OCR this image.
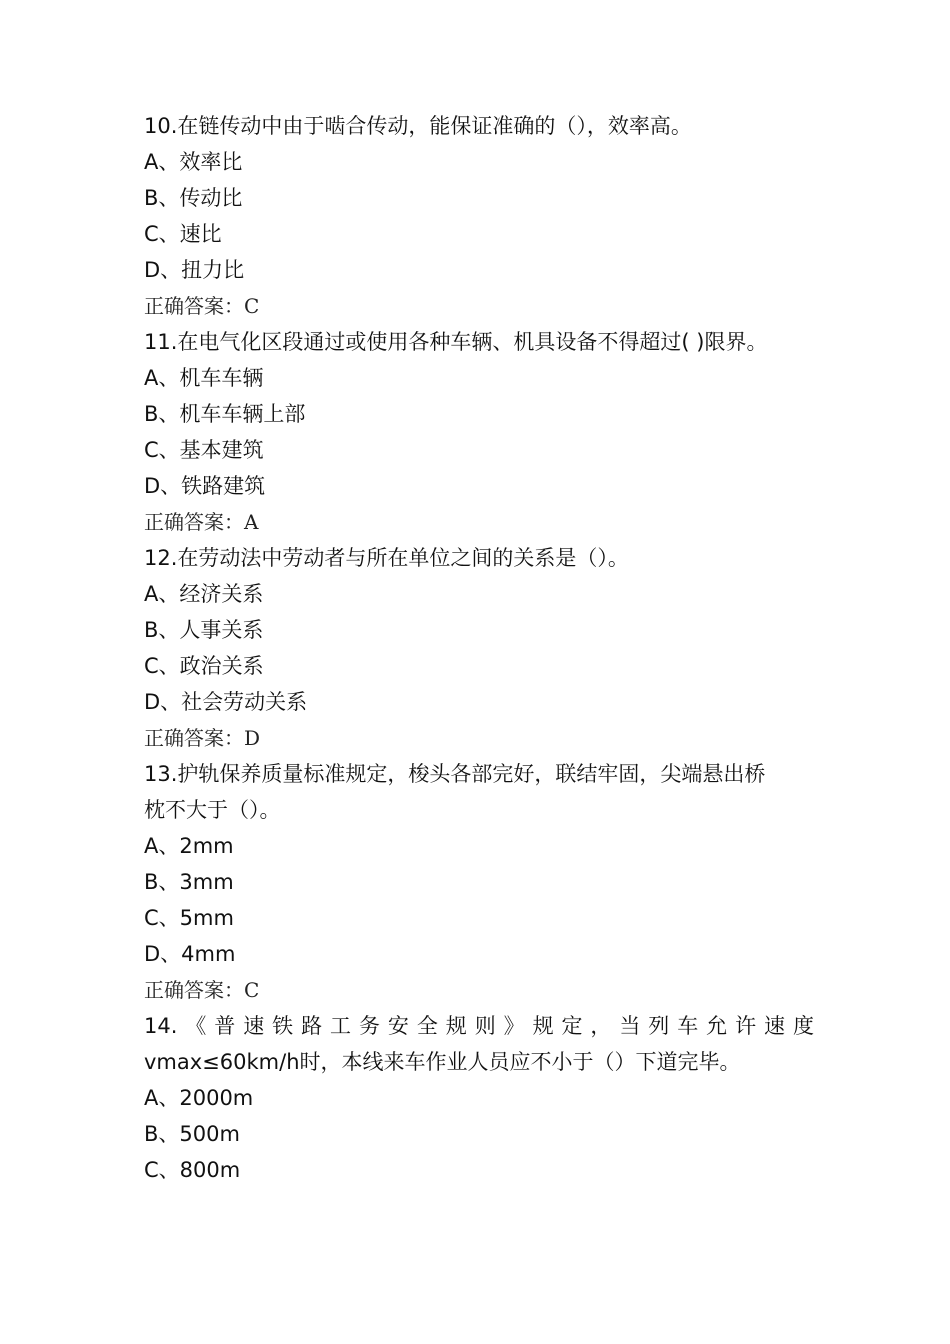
10.在链传动中由于啮合传动，能保证准确的（），效率高。
A、效率比
B、传动比
C、速比
D、扭力比
正确答案：C
11.在电气化区段通过或使用各种车辆、机具设备不得超过( )限界。
A、机车车辆
B、机车车辆上部
C、基本建筑
D、铁路建筑
正确答案：A
12.在劳动法中劳动者与所在单位之间的关系是（）。
A、经济关系
B、人事关系
C、政治关系
D、社会劳动关系
正确答案：D
13.护轨保养质量标准规定，梭头各部完好，联结牢固，尖端悬出桥
枕不大于（）。
A、2mm
B、3mm
C、5mm
D、4mm
正确答案：C
14.《普速铁路工务安全规则》规定，当列车允许速度
vmax≤60km/h时，本线来车作业人员应不小于（）下道完毕。
A、2000m
B、500m
C、800m
